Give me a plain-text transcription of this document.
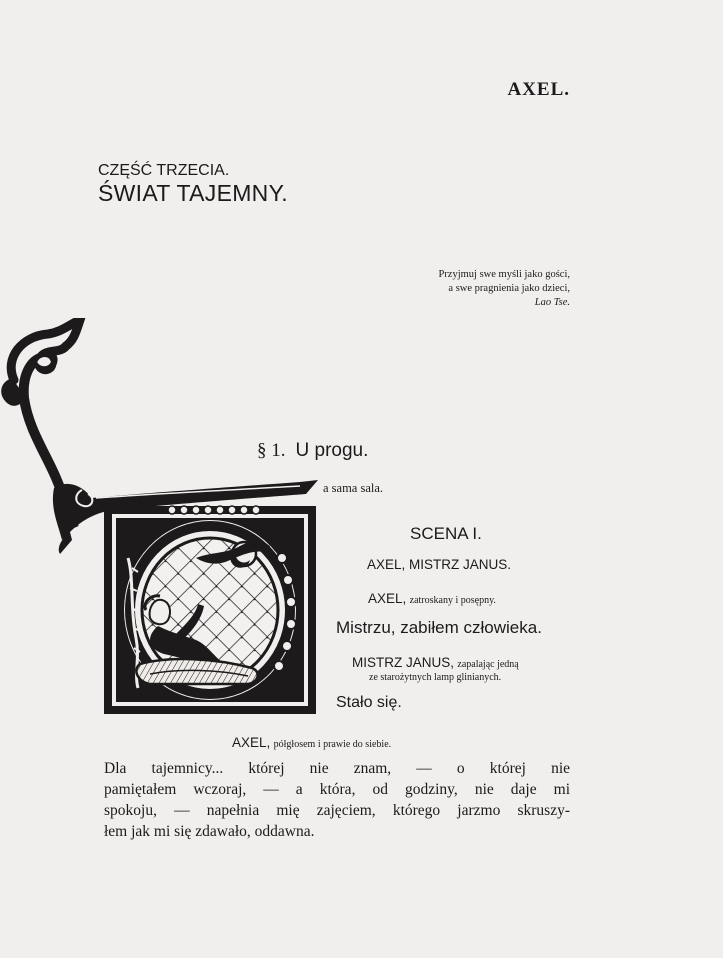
AXEL.
CZĘŚĆ TRZECIA.
ŚWIAT TAJEMNY.
Przyjmuj swe myśli jako gości,
a swe pragnienia jako dzieci,
Lao Tse.
§ 1. U progu.
a sama sala.
SCENA I.
AXEL, MISTRZ JANUS.
AXEL, zatroskany i posępny.
Mistrzu, zabiłem człowieka.
MISTRZ JANUS, zapalając jedną
ze starożytnych lamp glinianych.
Stało się.
AXEL, półgłosem i prawie do siebie.

Dla tajemnicy... której nie znam, — o której nie
pamiętałem wczoraj, — a która, od godziny, nie daje mi
spokoju, — napełnia mię zajęciem, którego jarzmo skruszy-
łem jak mi się zdawało, oddawna.
